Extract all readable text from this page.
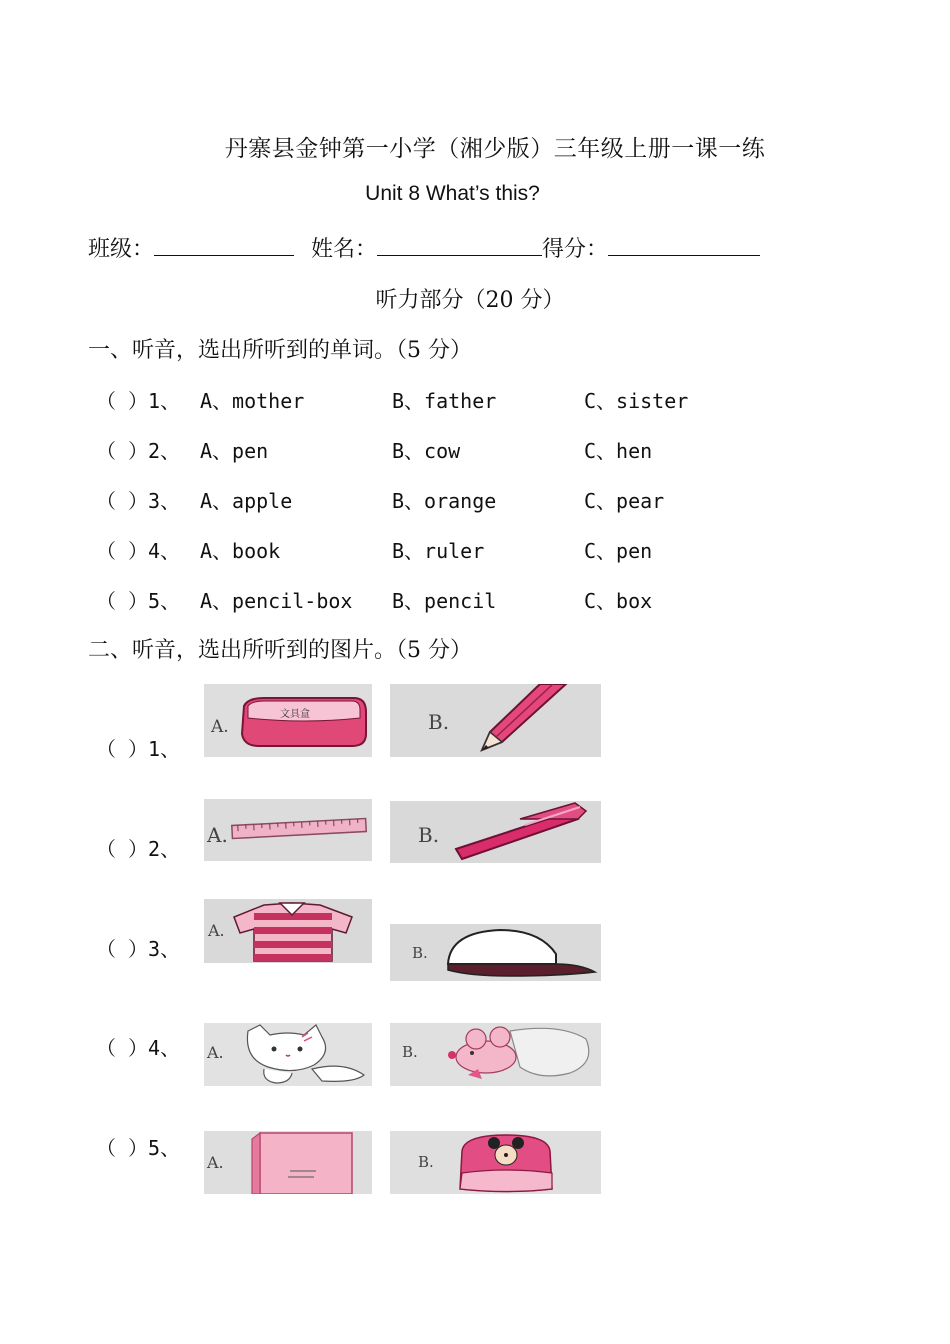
丹寨县金钟第一小学（湘少版）三年级上册一课一练
Unit 8 What’s this?
班级：	姓名：	得分：
听力部分（20 分）
一、听音，选出所听到的单词。（5 分）
（ ）1、 A、mother	B、father	C、sister
（ ）2、 A、pen	B、cow	C、hen
（ ）3、 A、apple	B、orange	C、pear
（ ）4、 A、book	B、ruler	C、pen
（ ）5、 A、pencil-box B、pencil	C、box
二、听音，选出所听到的图片。（5 分）
（ ）1、
A.
文具盒	B.
（ ）2、
A.	B.
（ ）3、
A.
B.
（ ）4、 A.	B.
（ ）5、
A.	B.
